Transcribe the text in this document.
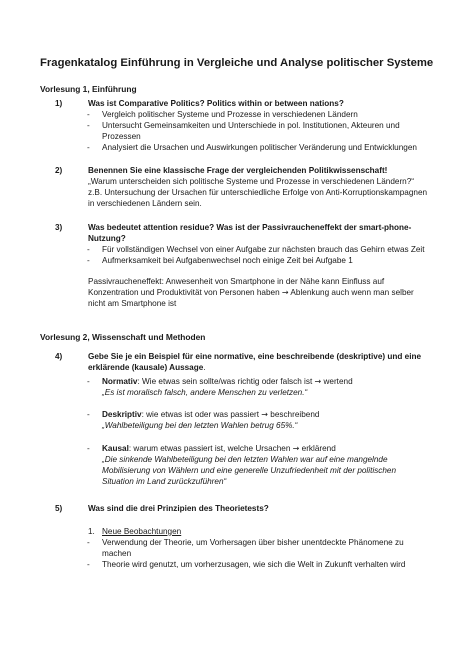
Fragenkatalog Einführung in Vergleiche und Analyse politischer Systeme
Vorlesung 1, Einführung
1)	Was ist Comparative Politics? Politics within or between nations?
- Vergleich politischer Systeme und Prozesse in verschiedenen Ländern
- Untersucht Gemeinsamkeiten und Unterschiede in pol. Institutionen, Akteuren und
Prozessen
- Analysiert die Ursachen und Auswirkungen politischer Veränderung und Entwicklungen
2)	Benennen Sie eine klassische Frage der vergleichenden Politikwissenschaft!
„Warum unterscheiden sich politische Systeme und Prozesse in verschiedenen Ländern?“
z.B. Untersuchung der Ursachen für unterschiedliche Erfolge von Anti-Korruptionskampagnen
in verschiedenen Ländern sein.
3)	Was bedeutet attention residue? Was ist der Passivraucheneffekt der smart-phone-
Nutzung?
- Für vollständigen Wechsel von einer Aufgabe zur nächsten brauch das Gehirn etwas Zeit
- Aufmerksamkeit bei Aufgabenwechsel noch einige Zeit bei Aufgabe 1
Passivraucheneffekt: Anwesenheit von Smartphone in der Nähe kann Einfluss auf
Konzentration und Produktivität von Personen haben → Ablenkung auch wenn man selber
nicht am Smartphone ist
Vorlesung 2, Wissenschaft und Methoden
4)	Gebe Sie je ein Beispiel für eine normative, eine beschreibende (deskriptive) und eine
erklärende (kausale) Aussage.
- Normativ: Wie etwas sein sollte/was richtig oder falsch ist → wertend
„Es ist moralisch falsch, andere Menschen zu verletzen.“
- Deskriptiv: wie etwas ist oder was passiert → beschreibend
„Wahlbeteiligung bei den letzten Wahlen betrug 65%.“
- Kausal: warum etwas passiert ist, welche Ursachen → erklärend
„Die sinkende Wahlbeteiligung bei den letzten Wahlen war auf eine mangelnde
Mobilisierung von Wählern und eine generelle Unzufriedenheit mit der politischen
Situation im Land zurückzuführen“
5)	Was sind die drei Prinzipien des Theorietests?
1. Neue Beobachtungen
- Verwendung der Theorie, um Vorhersagen über bisher unentdeckte Phänomene zu
machen
- Theorie wird genutzt, um vorherzusagen, wie sich die Welt in Zukunft verhalten wird
